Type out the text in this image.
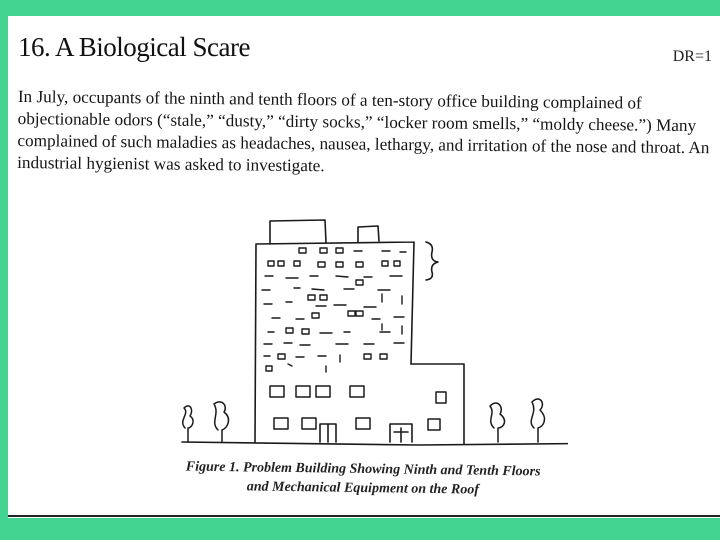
16. A Biological Scare	DR=1

In July, occupants of the ninth and tenth floors of a ten-story office building complained of objectionable odors (“stale,” “dusty,” “dirty socks,” “locker room smells,” “moldy cheese.”) Many complained of such maladies as headaches, nausea, lethargy, and irritation of the nose and throat. An industrial hygienist was asked to investigate.

Figure 1. Problem Building Showing Ninth and Tenth Floors
and Mechanical Equipment on the Roof
